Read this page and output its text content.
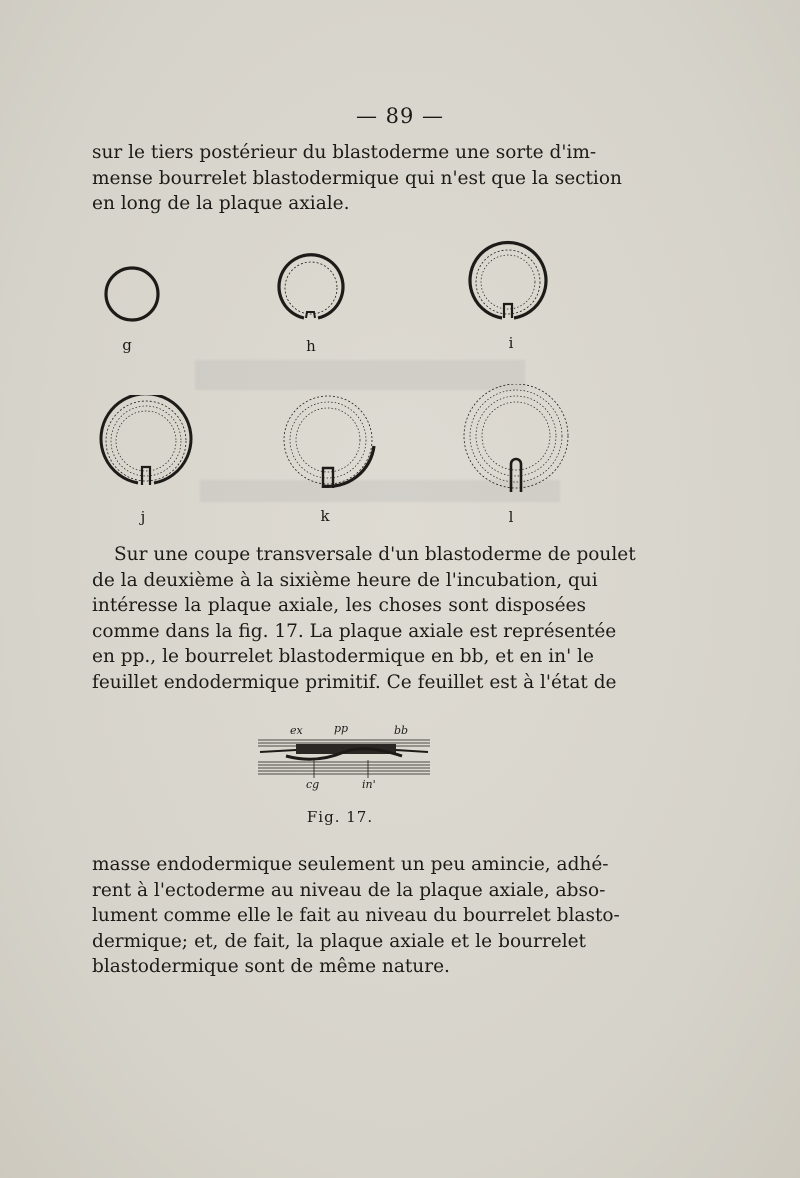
— 89 —
sur le tiers postérieur du blastoderme une sorte d'im-
mense bourrelet blastodermique qui n'est que la section
en long de la plaque axiale.
g	h	i
j	k	l
Sur une coupe transversale d'un blastoderme de poulet
de la deuxième à la sixième heure de l'incubation, qui
intéresse la plaque axiale, les choses sont disposées
comme dans la fig. 17. La plaque axiale est représentée
en pp., le bourrelet blastodermique en bb, et en in' le
feuillet endodermique primitif. Ce feuillet est à l'état de
ex	pp	bb
cg	in'
Fig. 17.
masse endodermique seulement un peu amincie, adhé-
rent à l'ectoderme au niveau de la plaque axiale, abso-
lument comme elle le fait au niveau du bourrelet blasto-
dermique; et, de fait, la plaque axiale et le bourrelet
blastodermique sont de même nature.
